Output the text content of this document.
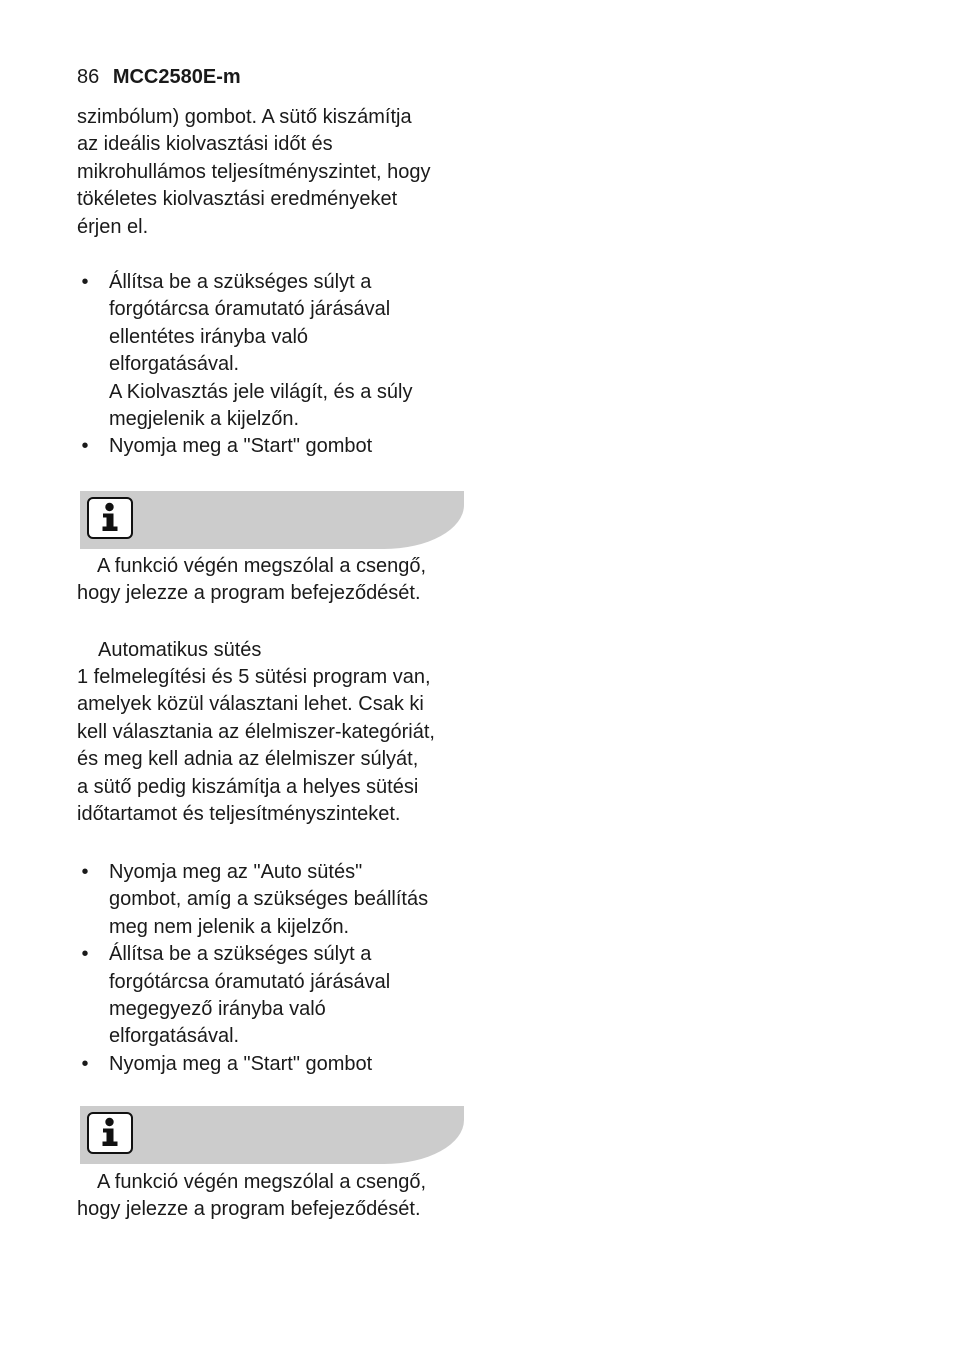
86 MCC2580E-m

szimbólum) gombot. A sütő kiszámítja
az ideális kiolvasztási időt és
mikrohullámos teljesítményszintet, hogy
tökéletes kiolvasztási eredményeket
érjen el.

• Állítsa be a szükséges súlyt a
forgótárcsa óramutató járásával
ellentétes irányba való
elforgatásával.
A Kiolvasztás jele világít, és a súly
megjelenik a kijelzőn.
• Nyomja meg a "Start" gombot

A funkció végén megszólal a csengő,
hogy jelezze a program befejeződését.

Automatikus sütés

1 felmelegítési és 5 sütési program van,
amelyek közül választani lehet. Csak ki
kell választania az élelmiszer-kategóriát,
és meg kell adnia az élelmiszer súlyát,
a sütő pedig kiszámítja a helyes sütési
időtartamot és teljesítményszinteket.

• Nyomja meg az "Auto sütés"
gombot, amíg a szükséges beállítás
meg nem jelenik a kijelzőn.
• Állítsa be a szükséges súlyt a
forgótárcsa óramutató járásával
megegyező irányba való
elforgatásával.
• Nyomja meg a "Start" gombot

A funkció végén megszólal a csengő,
hogy jelezze a program befejeződését.
